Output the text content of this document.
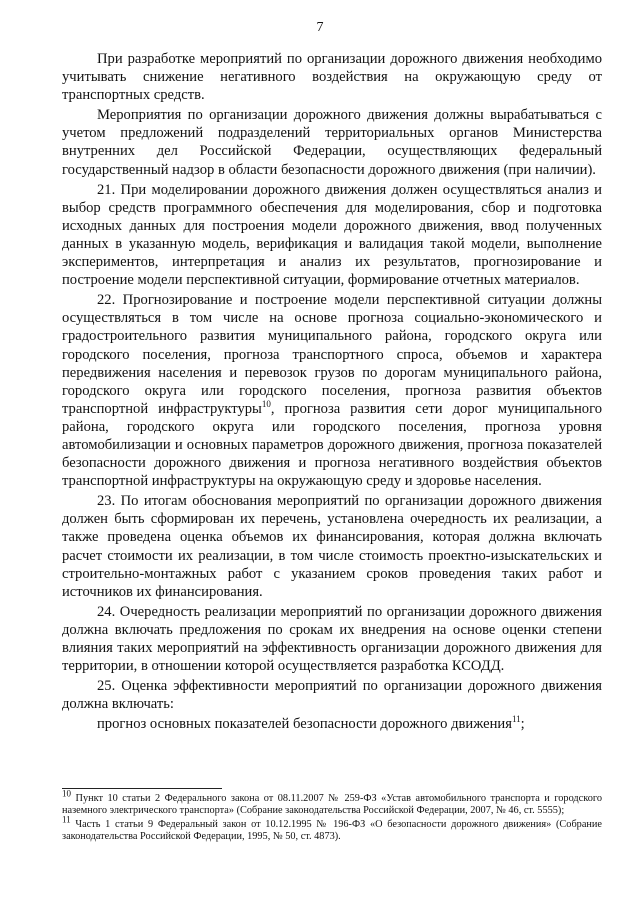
7

При разработке мероприятий по организации дорожного движения необходимо учитывать снижение негативного воздействия на окружающую среду от транспортных средств.

Мероприятия по организации дорожного движения должны вырабатываться с учетом предложений подразделений территориальных органов Министерства внутренних дел Российской Федерации, осуществляющих федеральный государственный надзор в области безопасности дорожного движения (при наличии).

21. При моделировании дорожного движения должен осуществляться анализ и выбор средств программного обеспечения для моделирования, сбор и подготовка исходных данных для построения модели дорожного движения, ввод полученных данных в указанную модель, верификация и валидация такой модели, выполнение экспериментов, интерпретация и анализ их результатов, прогнозирование и построение модели перспективной ситуации, формирование отчетных материалов.

22. Прогнозирование и построение модели перспективной ситуации должны осуществляться в том числе на основе прогноза социально-экономического и градостроительного развития муниципального района, городского округа или городского поселения, прогноза транспортного спроса, объемов и характера передвижения населения и перевозок грузов по дорогам муниципального района, городского округа или городского поселения, прогноза развития объектов транспортной инфраструктуры$^{10}$, прогноза развития сети дорог муниципального района, городского округа или городского поселения, прогноза уровня автомобилизации и основных параметров дорожного движения, прогноза показателей безопасности дорожного движения и прогноза негативного воздействия объектов транспортной инфраструктуры на окружающую среду и здоровье населения.

23. По итогам обоснования мероприятий по организации дорожного движения должен быть сформирован их перечень, установлена очередность их реализации, а также проведена оценка объемов их финансирования, которая должна включать расчет стоимости их реализации, в том числе стоимость проектно-изыскательских и строительно-монтажных работ с указанием сроков проведения таких работ и источников их финансирования.

24. Очередность реализации мероприятий по организации дорожного движения должна включать предложения по срокам их внедрения на основе оценки степени влияния таких мероприятий на эффективность организации дорожного движения для территории, в отношении которой осуществляется разработка КСОДД.

25. Оценка эффективности мероприятий по организации дорожного движения должна включать:

прогноз основных показателей безопасности дорожного движения$^{11}$;

10 Пункт 10 статьи 2 Федерального закона от 08.11.2007 № 259-ФЗ «Устав автомобильного транспорта и городского наземного электрического транспорта» (Собрание законодательства Российской Федерации, 2007, № 46, ст. 5555);

11 Часть 1 статьи 9 Федеральный закон от 10.12.1995 № 196-ФЗ «О безопасности дорожного движения» (Собрание законодательства Российской Федерации, 1995, № 50, ст. 4873).
